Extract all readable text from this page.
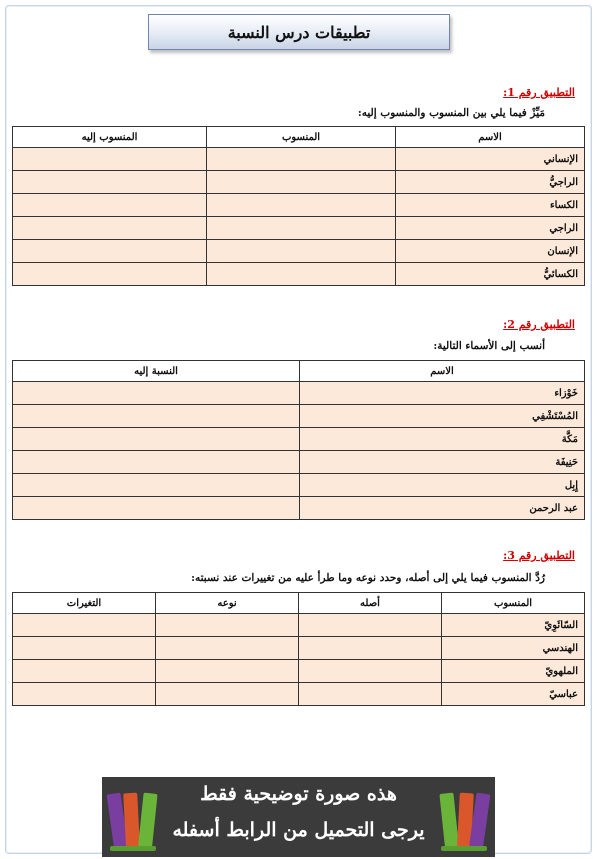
تطبيقات درس النسبة
التطبيق رقم 1:
مَيِّزْ فيما يلي بين المنسوب والمنسوب إليه:
الاسم	المنسوب	المنسوب إليه
الإنساني		
الراجيُّ		
الكساء		
الراجي		
الإنسان		
الكسائيُّ		
التطبيق رقم 2:
أنسب إلى الأسماء التالية:
الاسم	النسبة إليه
خَوْزاء	
المُسْتَشْفِي	
مَكَّة	
حَنِيفَة	
إِبِل	
عبد الرحمن	
التطبيق رقم 3:
رُدَّ المنسوب فيما يلي إلى أصله، وحدد نوعه وما طرأ عليه من تغييرات عند نسبته:
المنسوب	أصله	نوعه	التغيرات
السّائَوِيّ			
الهندسي			
الملهويّ			
عباسيّ			
هذه صورة توضيحية فقط
يرجى التحميل من الرابط أسفله
